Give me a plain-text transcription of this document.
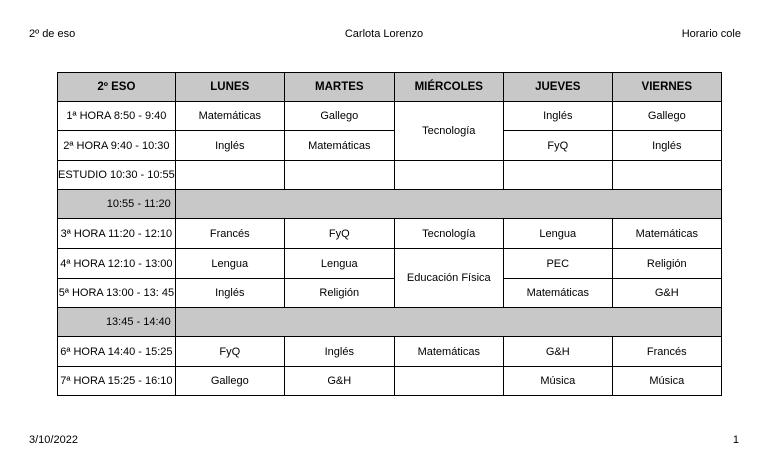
2º de eso	Carlota Lorenzo	Horario cole
2º ESO	LUNES	MARTES	MIÉRCOLES	JUEVES	VIERNES
1ª HORA 8:50 - 9:40	Matemáticas	Gallego	Tecnología	Inglés	Gallego
2ª HORA 9:40 - 10:30	Inglés	Matemáticas		FyQ	Inglés
ESTUDIO 10:30 - 10:55					
10:55 - 11:20					
3ª HORA 11:20 - 12:10	Francés	FyQ	Tecnología	Lengua	Matemáticas
4ª HORA 12:10 - 13:00	Lengua	Lengua	Educación Física	PEC	Religión
5ª HORA 13:00 - 13: 45	Inglés	Religión		Matemáticas	G&H
13:45 - 14:40					
6ª HORA 14:40 - 15:25	FyQ	Inglés	Matemáticas	G&H	Francés
7ª HORA 15:25 - 16:10	Gallego	G&H		Música	Música
3/10/2022	1
